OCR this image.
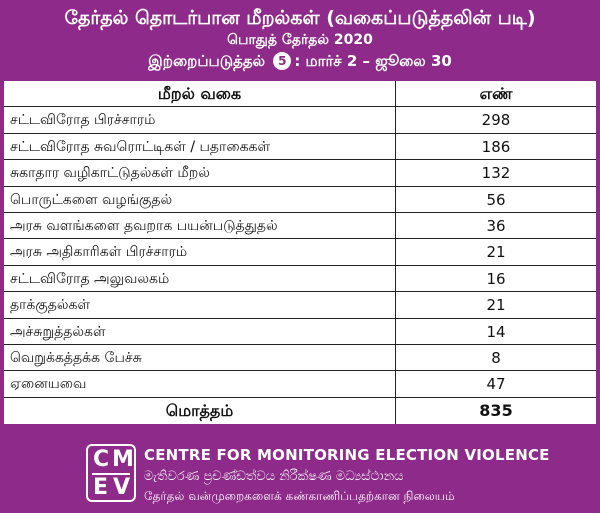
தேர்தல் தொடர்பான மீறல்கள் (வகைப்படுத்தலின் படி)
பொதுத் தேர்தல் 2020
இற்றைப்படுத்தல் 5 : மார்ச் 2 – ஜூலை 30
மீறல் வகை	எண்
சட்டவிரோத பிரச்சாரம்	298
சட்டவிரோத சுவரொட்டிகள் / பதாகைகள்	186
சுகாதார வழிகாட்டுதல்கள் மீறல்	132
பொருட்களை வழங்குதல்	56
அரசு வளங்களை தவறாக பயன்படுத்துதல்	36
அரசு அதிகாரிகள் பிரச்சாரம்	21
சட்டவிரோத அலுவலகம்	16
தாக்குதல்கள்	21
அச்சுறுத்தல்கள்	14
வெறுக்கத்தக்க பேச்சு	8
ஏனையவை	47
மொத்தம்	835
C M
E V
CENTRE FOR MONITORING ELECTION VIOLENCE
මැතිවරණ ප්‍රචණ්ඩත්වය නිරීක්ෂණ මධ්‍යස්ථානය
தேர்தல் வன்முறைகளைக் கண்காணிப்பதற்கான நிலையம்
